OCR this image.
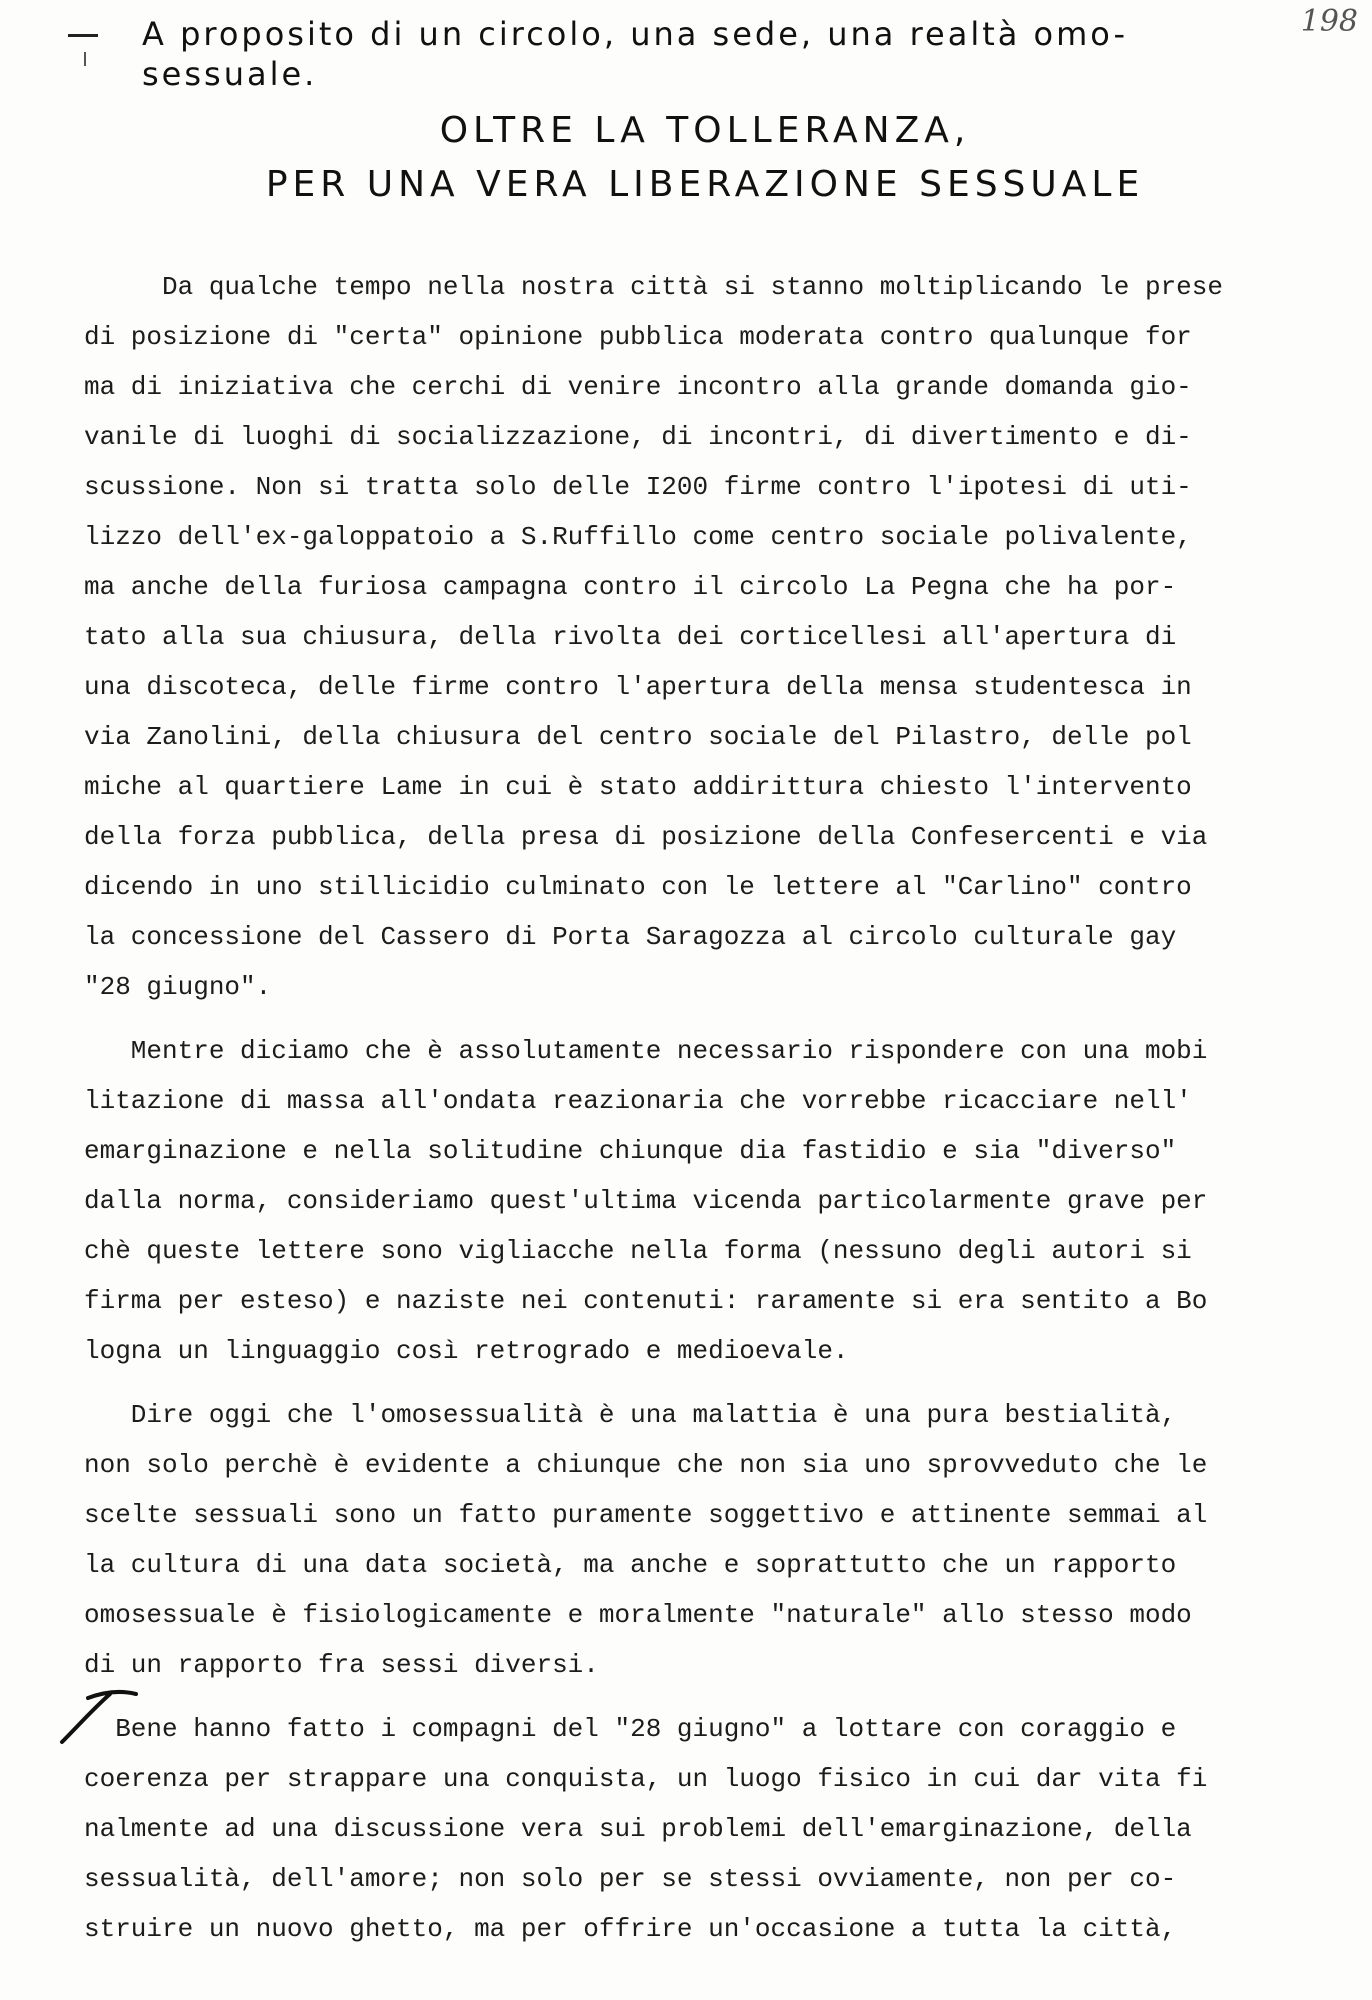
198
A proposito di un circolo, una sede, una realtà omo-
sessuale.
OLTRE LA TOLLERANZA,
PER UNA VERA LIBERAZIONE SESSUALE
Da qualche tempo nella nostra città si stanno moltiplicando le prese
di posizione di "certa" opinione pubblica moderata contro qualunque for
ma di iniziativa che cerchi di venire incontro alla grande domanda gio-
vanile di luoghi di socializzazione, di incontri, di divertimento e di-
scussione. Non si tratta solo delle I200 firme contro l'ipotesi di uti-
lizzo dell'ex-galoppatoio a S.Ruffillo come centro sociale polivalente,
ma anche della furiosa campagna contro il circolo La Pegna che ha por-
tato alla sua chiusura, della rivolta dei corticellesi all'apertura di
una discoteca, delle firme contro l'apertura della mensa studentesca in
via Zanolini, della chiusura del centro sociale del Pilastro, delle pol
miche al quartiere Lame in cui è stato addirittura chiesto l'intervento
della forza pubblica, della presa di posizione della Confesercenti e via
dicendo in uno stillicidio culminato con le lettere al "Carlino" contro
la concessione del Cassero di Porta Saragozza al circolo culturale gay
"28 giugno".
Mentre diciamo che è assolutamente necessario rispondere con una mobi
litazione di massa all'ondata reazionaria che vorrebbe ricacciare nell'
emarginazione e nella solitudine chiunque dia fastidio e sia "diverso"
dalla norma, consideriamo quest'ultima vicenda particolarmente grave per
chè queste lettere sono vigliacche nella forma (nessuno degli autori si
firma per esteso) e naziste nei contenuti: raramente si era sentito a Bo
logna un linguaggio così retrogrado e medioevale.
Dire oggi che l'omosessualità è una malattia è una pura bestialità,
non solo perchè è evidente a chiunque che non sia uno sprovveduto che le
scelte sessuali sono un fatto puramente soggettivo e attinente semmai al
la cultura di una data società, ma anche e soprattutto che un rapporto
omosessuale è fisiologicamente e moralmente "naturale" allo stesso modo
di un rapporto fra sessi diversi.
Bene hanno fatto i compagni del "28 giugno" a lottare con coraggio e
coerenza per strappare una conquista, un luogo fisico in cui dar vita fi
nalmente ad una discussione vera sui problemi dell'emarginazione, della
sessualità, dell'amore; non solo per se stessi ovviamente, non per co-
struire un nuovo ghetto, ma per offrire un'occasione a tutta la città,
